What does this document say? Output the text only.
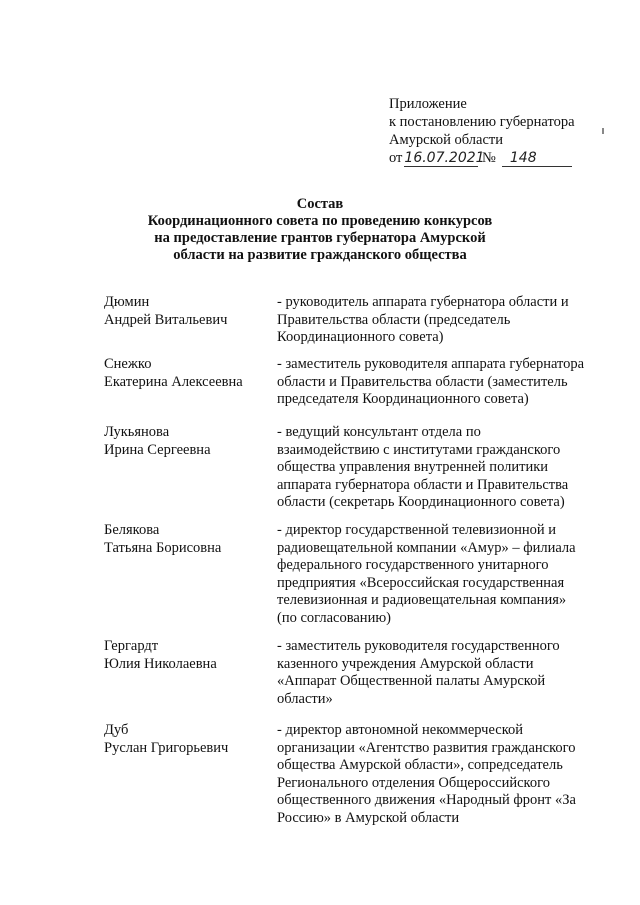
Приложение
к постановлению губернатора
Амурской области
от 16.07.2021 № 148
Состав
Координационного совета по проведению конкурсов
на предоставление грантов губернатора Амурской
области на развитие гражданского общества
Дюмин
Андрей Витальевич
- руководитель аппарата губернатора области и
Правительства области (председатель
Координационного совета)
Снежко
Екатерина Алексеевна
- заместитель руководителя аппарата губернатора
области и Правительства области (заместитель
председателя Координационного совета)
Лукьянова
Ирина Сергеевна
- ведущий консультант отдела по
взаимодействию с институтами гражданского
общества управления внутренней политики
аппарата губернатора области и Правительства
области (секретарь Координационного совета)
Белякова
Татьяна Борисовна
- директор государственной телевизионной и
радиовещательной компании «Амур» – филиала
федерального государственного унитарного
предприятия «Всероссийская государственная
телевизионная и радиовещательная компания»
(по согласованию)
Гергардт
Юлия Николаевна
- заместитель руководителя государственного
казенного учреждения Амурской области
«Аппарат Общественной палаты Амурской
области»
Дуб
Руслан Григорьевич
- директор автономной некоммерческой
организации «Агентство развития гражданского
общества Амурской области», сопредседатель
Регионального отделения Общероссийского
общественного движения «Народный фронт «За
Россию» в Амурской области
